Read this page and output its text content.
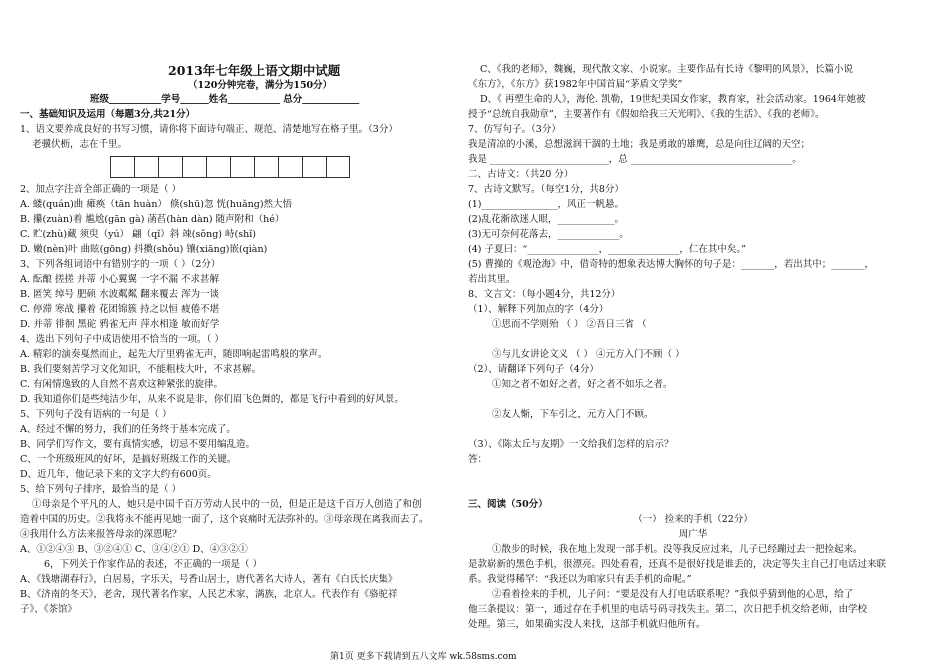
2013年七年级上语文期中试题
（120分钟完卷，满分为150分）
班级___________学号______姓名___________ 总分____________
一、基础知识及运用（每题3分,共21分）
1、语文要养成良好的书写习惯，请你将下面诗句端正、规范、清楚地写在格子里。（3分）
老骥伏枥，志在千里。
2、加点字注音全部正确的一项是（ ）
A. 蝼(quán)曲 瘫痪（tān huàn） 倏(shū)忽 恍(huǎng)然大悟
B. 攥(zuàn)着 尴尬(gān gà) 菡萏(hàn dàn) 随声附和（hé）
C. 贮(zhù)藏 须臾（yú） 翩（qǐ）斜 竦(sǒng) 峙(shǐ)
D. 嫩(nèn)叶 曲眩(gōng) 抖擞(shǒu) 镶(xiāng)嵌(qiàn)
3、下列各组词语中有错别字的一项（ ）（2分）
A. 酝酿 搓搓 并蒂 小心翼翼 一字不漏 不求甚解
B. 匿笑 绰号 肥硕 水波粼粼 翻来覆去 浑为一谈
C. 停滞 寒战 攥着 花团锦簇 持之以恒 疲倦不堪
D. 并蒂 徘徊 黑砣 鸦雀无声 萍水相逢 敏而好学
4、选出下列句子中成语使用不恰当的一项。（ ）
A. 精彩的演奏戛然而止，起先大厅里鸦雀无声，随即响起雷鸣般的掌声。
B. 我们要刻苦学习文化知识，不能粗枝大叶，不求甚解。
C. 有闲情逸致的人自然不喜欢这种紧张的旋律。
D. 我知道你们是些纯洁少年，从来不说是非，你们眉飞色舞的，都是飞行中看到的好风景。
5、下列句子没有语病的一句是（ ）
A、经过不懈的努力，我们的任务终于基本完成了。
B、同学们写作文，要有真情实感，切忌不要用编乱造。
C、一个班级班风的好坏，是搞好班级工作的关键。
D、近几年，他记录下来的文字大约有600页。
5、给下列句子排序，最恰当的是（ ）
①母亲是个平凡的人，她只是中国千百万劳动人民中的一员，但是正是这千百万人创造了和创
造着中国的历史。②我将永不能再见她一面了，这个哀痛时无法弥补的。③母亲现在离我而去了。
④我用什么方法来报答母亲的深恩呢？
A、①②④③ B、③②④① C、③④②① D、④③②①
6，下列关于作家作品的表述，不正确的一项是（ ）
A、《钱塘湖春行》，白居易，字乐天，号香山居士，唐代著名大诗人，著有《白氏长庆集》
B、《济南的冬天》，老舍，现代著名作家，人民艺术家，满族，北京人。代表作有《骆驼祥
子》、《茶馆》
C、《我的老师》，魏巍，现代散文家、小说家。主要作品有长诗《黎明的风景》，长篇小说
《东方》，《东方》获1982年中国首届“茅盾文学奖”
D、《 再塑生命的人》，海伦. 凯勒，19世纪美国女作家，教育家，社会活动家。1964年她被
授予“总统自我勋章”，主要著作有《假如给我三天光明》、《我的生活》、《我的老师》。
7、仿写句子。（3分）
我是清凉的小溪，总想滋润干涸的土地；我是勇敢的雄鹰，总是向往辽阔的天空；
我是 _________________________，总 __________________________________。
二、古诗文：（共20 分）
7、古诗文默写。（每空1分，共8分）
(1)________________，风正一帆悬。
(2)乱花渐欲迷人眼，____________。
(3)无可奈何花落去，_____________。
(4) 子夏曰：“_______________，_______________，仁在其中矣。”
(5) 曹操的《观沧海》中，借奇特的想象表达博大胸怀的句子是：_______，若出其中；_______，
若出其里。
8、文言文：（每小题4分，共12分）
（1）、解释下列加点的字（4分）
①思而不学则殆 （ ） ②吾日三省 （

③与儿女讲论文义 （ ） ④元方入门不顾（ ）
（2）、请翻译下列句子（4分）
①知之者不如好之者，好之者不如乐之者。

②友人惭，下车引之，元方入门不顾。

（3）、《陈太丘与友期》一文给我们怎样的启示？
答：

三、阅读（50分）
（一） 捡来的手机（22分）
周广华
①散步的时候，我在地上发现一部手机。没等我反应过来，儿子已经蹦过去一把捡起来。
是款崭新的黑色手机，很漂亮。四处看看，还真不是很好找是谁丢的，决定等失主自己打电话过来联
系。我觉得稀罕：“我还以为咱家只有丢手机的命呢。”
②看着捡来的手机，儿子问：“要是没有人打电话联系呢？”我似乎猜到他的心思，给了
他三条提议：第一，通过存在手机里的电话号码寻找失主。第二，次日把手机交给老师，由学校
处理。第三，如果确实没人来找，这部手机就归他所有。
第1页 更多下载请到五八文库 wk.58sms.com
